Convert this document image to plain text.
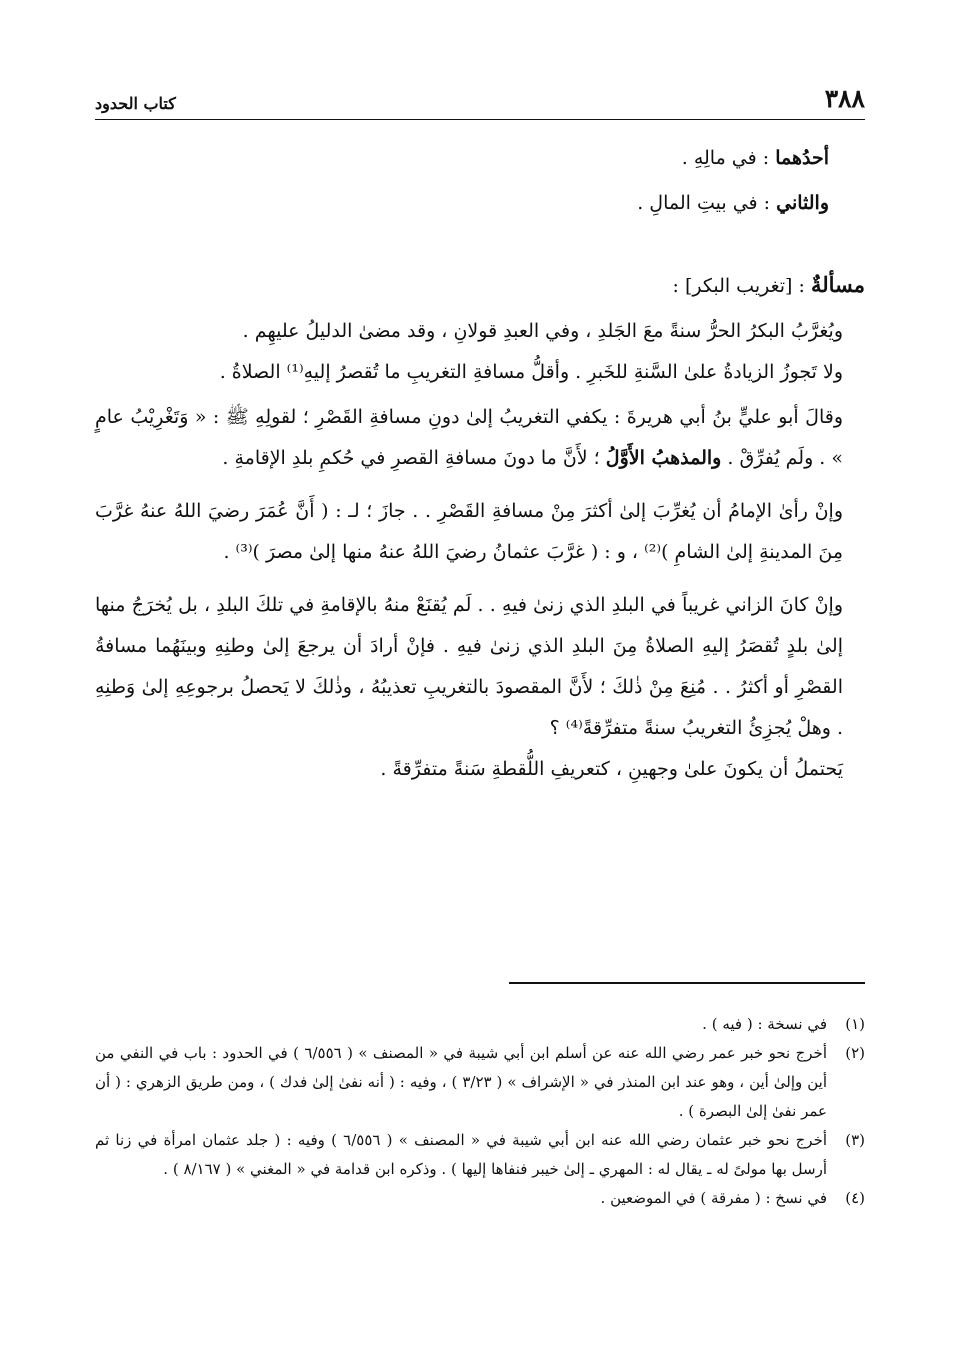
٣٨٨
كتاب الحدود

أحدُهما : في مالِهِ .

والثاني : في بيتِ المالِ .

مسألةٌ : [تغريب البكر] :

ويُغرَّبُ البكرُ الحرُّ سنةً معَ الجَلدِ ، وفي العبدِ قولانِ ، وقد مضىٰ الدليلُ عليهِم .

ولا تَجوزُ الزيادةُ علىٰ السَّنةِ للخَبرِ . وأقلُّ مسافةِ التغريبِ ما تُقصرُ إليهِ⁽¹⁾ الصلاةُ .

وقالَ أبو عليٍّ بنُ أبي هريرةَ : يكفي التغريبُ إلىٰ دونِ مسافةِ القَصْرِ ؛ لقولِهِ ﷺ : « وَتَغْرِيْبُ عامٍ » . ولَم يُفرِّقْ . والمذهبُ الأَوَّلُ ؛ لأَنَّ ما دونَ مسافةِ القصرِ في حُكمِ بلدِ الإقامةِ .

وإنْ رأىٰ الإمامُ أن يُغرِّبَ إلىٰ أكثرَ مِنْ مسافةِ القَصْرِ . . جازَ ؛ لـ : ( أَنَّ عُمَرَ رضيَ اللهُ عنهُ غرَّبَ مِنَ المدينةِ إلىٰ الشامِ )⁽²⁾ ، و : ( غرَّبَ عثمانُ رضيَ اللهُ عنهُ منها إلىٰ مصرَ )⁽³⁾ .

وإنْ كانَ الزاني غريباً في البلدِ الذي زنىٰ فيهِ . . لَم يُقنَعْ منهُ بالإقامةِ في تلكَ البلدِ ، بل يُخرَجُ منها إلىٰ بلدٍ تُقصَرُ إليهِ الصلاةُ مِنَ البلدِ الذي زنىٰ فيهِ . فإنْ أرادَ أن يرجعَ إلىٰ وطنِهِ وبينَهُما مسافةُ القصْرِ أو أكثرُ . . مُنِعَ مِنْ ذٰلكَ ؛ لأَنَّ المقصودَ بالتغريبِ تعذيبُهُ ، وذٰلكَ لا يَحصلُ برجوعِهِ إلىٰ وَطنِهِ . وهلْ يُجزِئُ التغريبُ سنةً متفرِّقةً⁽⁴⁾ ؟

يَحتملُ أن يكونَ علىٰ وجهينِ ، كتعريفِ اللُّقطةِ سَنةً متفرِّقةً .

(١)
في نسخة : ( فيه ) .
(٢)
أخرج نحو خبر عمر رضي الله عنه عن أسلم ابن أبي شيبة في « المصنف » ( ٦/٥٥٦ ) في الحدود : باب في النفي من أين وإلىٰ أين ، وهو عند ابن المنذر في « الإشراف » ( ٣/٢٣ ) ، وفيه : ( أنه نفىٰ إلىٰ فدك ) ، ومن طريق الزهري : ( أن عمر نفىٰ إلىٰ البصرة ) .
(٣)
أخرج نحو خبر عثمان رضي الله عنه ابن أبي شيبة في « المصنف » ( ٦/٥٥٦ ) وفيه : ( جلد عثمان امرأة في زنا ثم أرسل بها مولىً له ـ يقال له : المهري ـ إلىٰ خيبر فنفاها إليها ) . وذكره ابن قدامة في « المغني » ( ٨/١٦٧ ) .
(٤)
في نسخ : ( مفرقة ) في الموضعين .
